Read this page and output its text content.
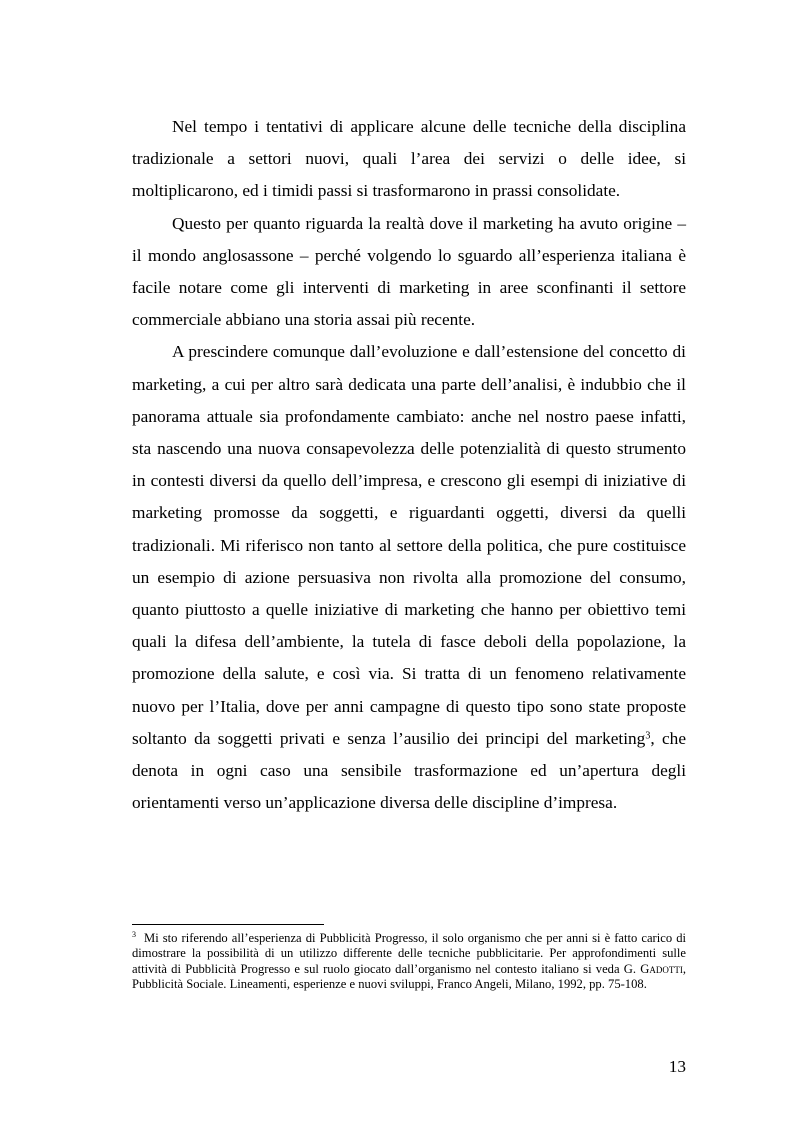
Nel tempo i tentativi di applicare alcune delle tecniche della disciplina tradizionale a settori nuovi, quali l’area dei servizi o delle idee, si moltiplicarono, ed i timidi passi si trasformarono in prassi consolidate.

Questo per quanto riguarda la realtà dove il marketing ha avuto origine – il mondo anglosassone – perché volgendo lo sguardo all’esperienza italiana è facile notare come gli interventi di marketing in aree sconfinanti il settore commerciale abbiano una storia assai più recente.

A prescindere comunque dall’evoluzione e dall’estensione del concetto di marketing, a cui per altro sarà dedicata una parte dell’analisi, è indubbio che il panorama attuale sia profondamente cambiato: anche nel nostro paese infatti, sta nascendo una nuova consapevolezza delle potenzialità di questo strumento in contesti diversi da quello dell’impresa, e crescono gli esempi di iniziative di marketing promosse da soggetti, e riguardanti oggetti, diversi da quelli tradizionali. Mi riferisco non tanto al settore della politica, che pure costituisce un esempio di azione persuasiva non rivolta alla promozione del consumo, quanto piuttosto a quelle iniziative di marketing che hanno per obiettivo temi quali la difesa dell’ambiente, la tutela di fasce deboli della popolazione, la promozione della salute, e così via. Si tratta di un fenomeno relativamente nuovo per l’Italia, dove per anni campagne di questo tipo sono state proposte soltanto da soggetti privati e senza l’ausilio dei principi del marketing$^3$, che denota in ogni caso una sensibile trasformazione ed un’apertura degli orientamenti verso un’applicazione diversa delle discipline d’impresa.

$^3$ Mi sto riferendo all’esperienza di Pubblicità Progresso, il solo organismo che per anni si è fatto carico di dimostrare la possibilità di un utilizzo differente delle tecniche pubblicitarie. Per approfondimenti sulle attività di Pubblicità Progresso e sul ruolo giocato dall’organismo nel contesto italiano si veda G. Gadotti, Pubblicità Sociale. Lineamenti, esperienze e nuovi sviluppi, Franco Angeli, Milano, 1992, pp. 75-108.
13
